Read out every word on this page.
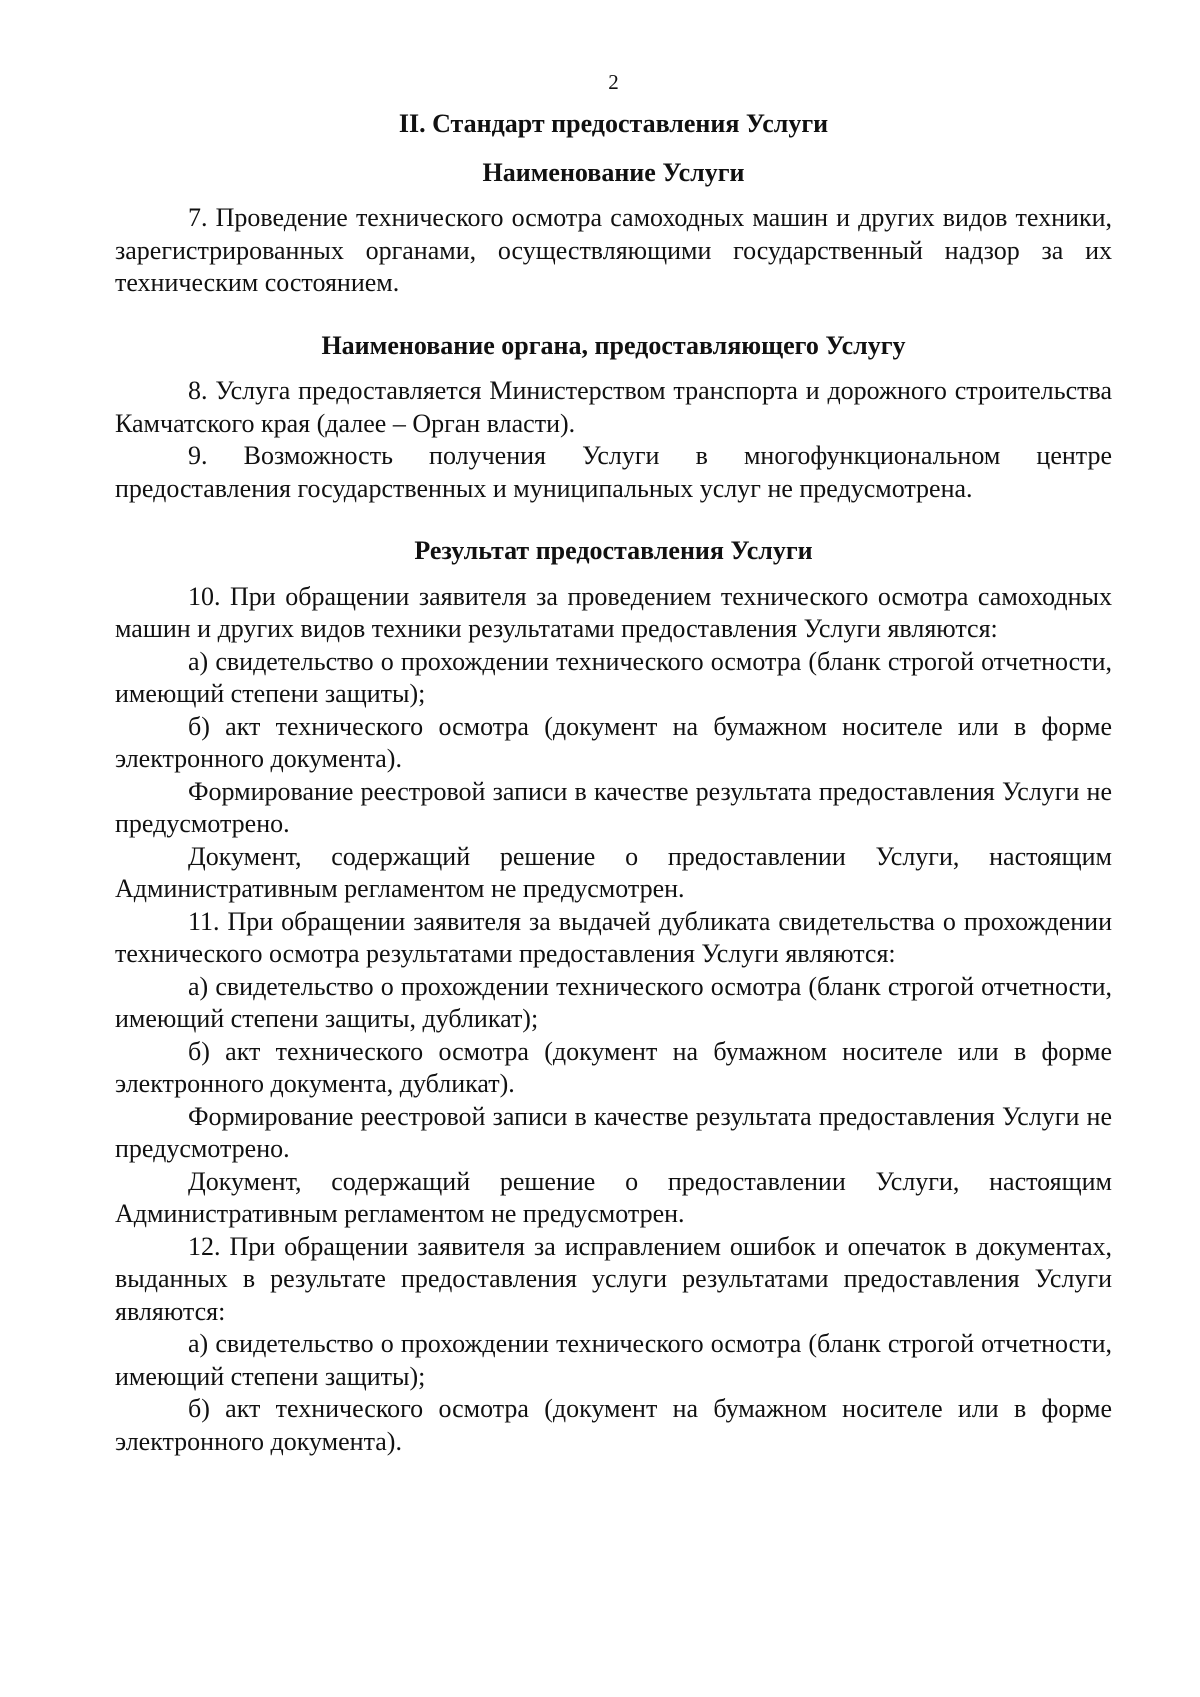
2
II. Стандарт предоставления Услуги
Наименование Услуги

7. Проведение технического осмотра самоходных машин и других видов техники, зарегистрированных органами, осуществляющими государственный надзор за их техническим состоянием.

Наименование органа, предоставляющего Услугу

8. Услуга предоставляется Министерством транспорта и дорожного строительства Камчатского края (далее – Орган власти).

9. Возможность получения Услуги в многофункциональном центре предоставления государственных и муниципальных услуг не предусмотрена.

Результат предоставления Услуги

10. При обращении заявителя за проведением технического осмотра самоходных машин и других видов техники результатами предоставления Услуги являются:

а) свидетельство о прохождении технического осмотра (бланк строгой отчетности, имеющий степени защиты);

б) акт технического осмотра (документ на бумажном носителе или в форме электронного документа).

Формирование реестровой записи в качестве результата предоставления Услуги не предусмотрено.

Документ, содержащий решение о предоставлении Услуги, настоящим Административным регламентом не предусмотрен.

11. При обращении заявителя за выдачей дубликата свидетельства о прохождении технического осмотра результатами предоставления Услуги являются:

а) свидетельство о прохождении технического осмотра (бланк строгой отчетности, имеющий степени защиты, дубликат);

б) акт технического осмотра (документ на бумажном носителе или в форме электронного документа, дубликат).

Формирование реестровой записи в качестве результата предоставления Услуги не предусмотрено.

Документ, содержащий решение о предоставлении Услуги, настоящим Административным регламентом не предусмотрен.

12. При обращении заявителя за исправлением ошибок и опечаток в документах, выданных в результате предоставления услуги результатами предоставления Услуги являются:

а) свидетельство о прохождении технического осмотра (бланк строгой отчетности, имеющий степени защиты);

б) акт технического осмотра (документ на бумажном носителе или в форме электронного документа).
